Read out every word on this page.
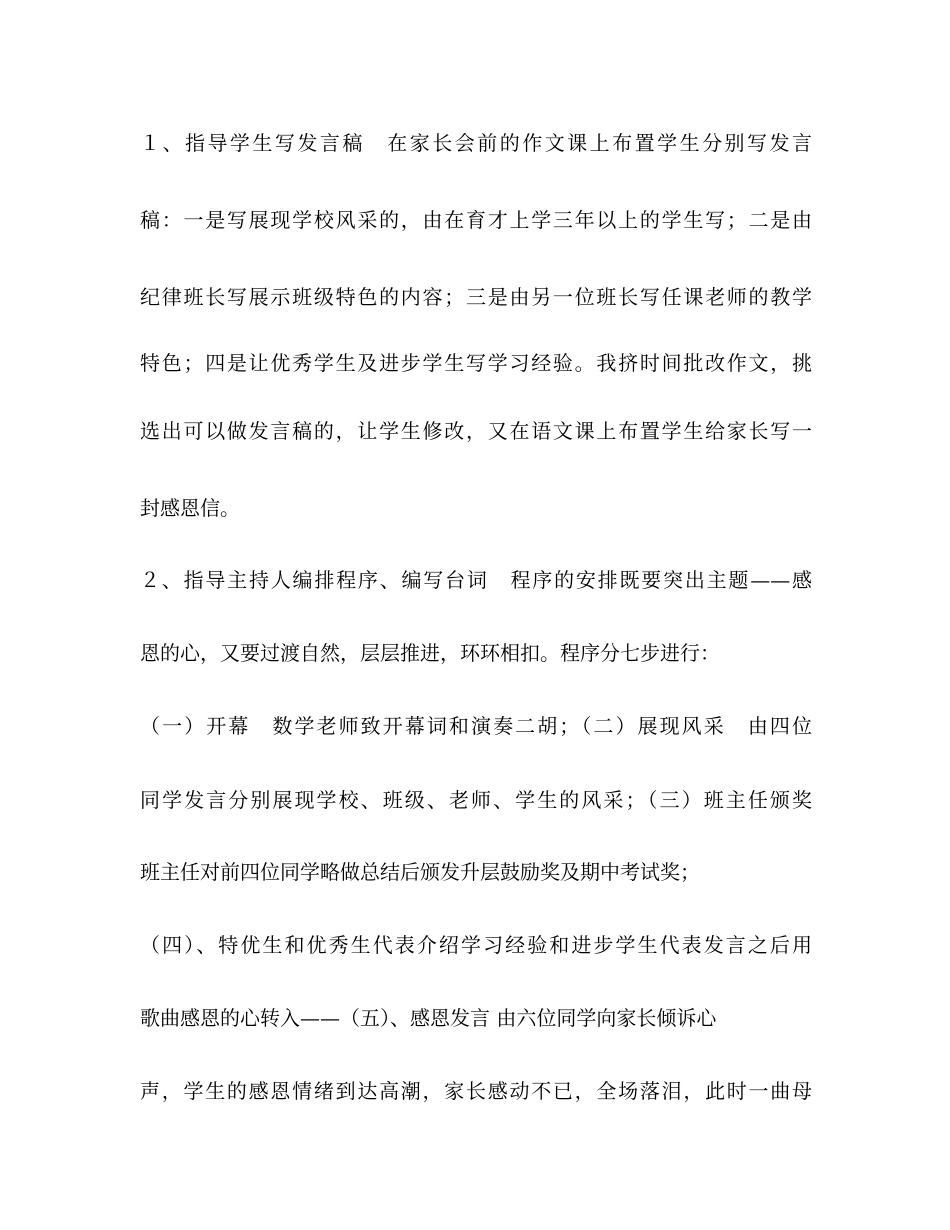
１、指导学生写发言稿　在家长会前的作文课上布置学生分别写发言
稿：一是写展现学校风采的，由在育才上学三年以上的学生写；二是由
纪律班长写展示班级特色的内容；三是由另一位班长写任课老师的教学
特色；四是让优秀学生及进步学生写学习经验。我挤时间批改作文，挑
选出可以做发言稿的，让学生修改，又在语文课上布置学生给家长写一
封感恩信。
２、指导主持人编排程序、编写台词　程序的安排既要突出主题——感
恩的心，又要过渡自然，层层推进，环环相扣。程序分七步进行：
（一）开幕　数学老师致开幕词和演奏二胡；（二）展现风采　由四位
同学发言分别展现学校、班级、老师、学生的风采；（三）班主任颁奖
班主任对前四位同学略做总结后颁发升层鼓励奖及期中考试奖；
（四）、特优生和优秀生代表介绍学习经验和进步学生代表发言之后用
歌曲感恩的心转入——（五）、感恩发言 由六位同学向家长倾诉心
声，学生的感恩情绪到达高潮，家长感动不已，全场落泪，此时一曲母
